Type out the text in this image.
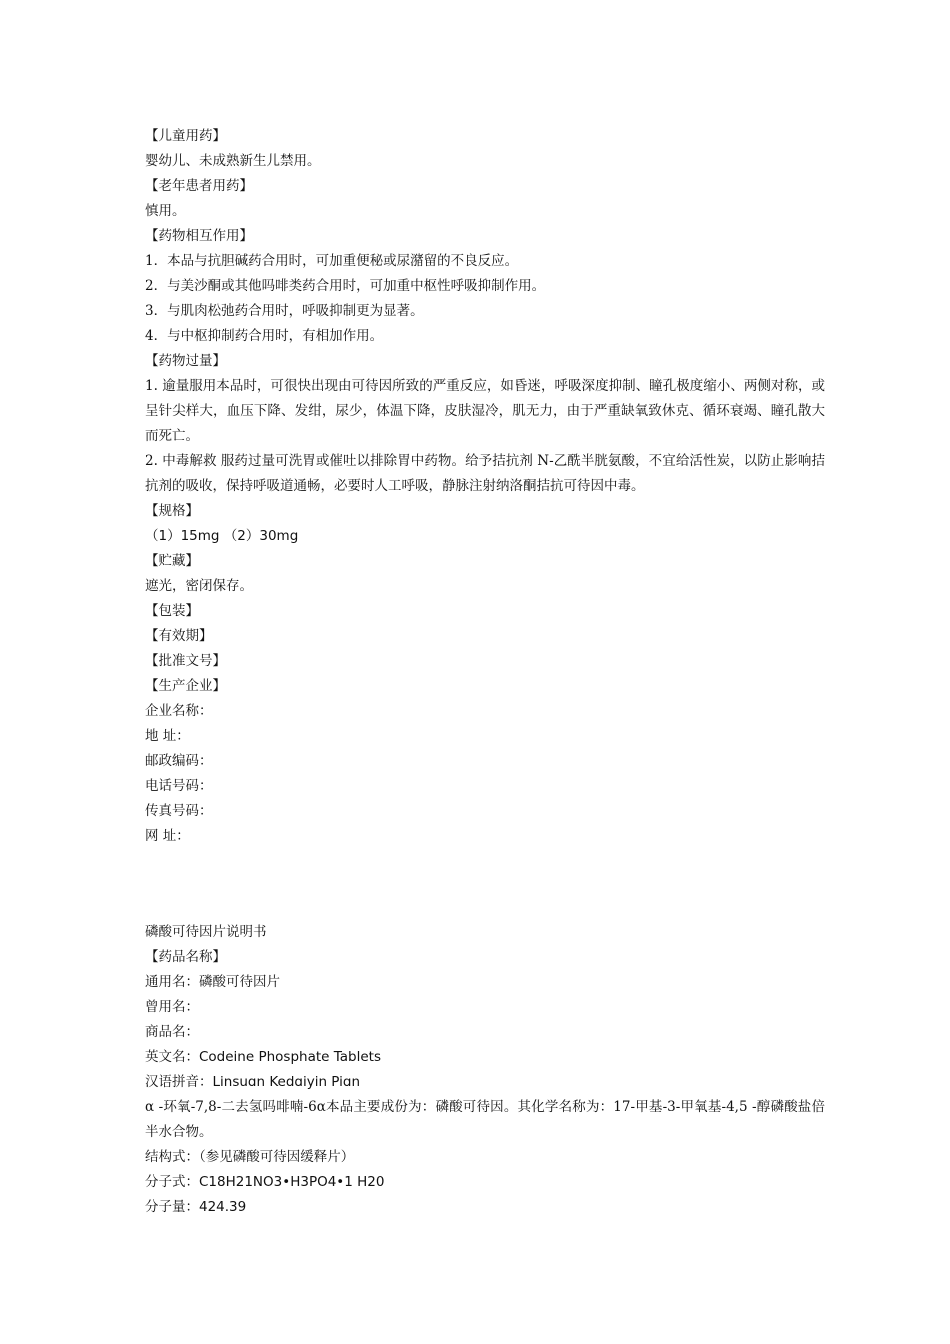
【儿童用药】
婴幼儿、未成熟新生儿禁用。
【老年患者用药】
慎用。
【药物相互作用】
1．本品与抗胆碱药合用时，可加重便秘或尿潴留的不良反应。
2．与美沙酮或其他吗啡类药合用时，可加重中枢性呼吸抑制作用。
3．与肌肉松弛药合用时，呼吸抑制更为显著。
4．与中枢抑制药合用时，有相加作用。
【药物过量】
1. 逾量服用本品时，可很快出现由可待因所致的严重反应，如昏迷，呼吸深度抑制、瞳孔极度缩小、两侧对称，或呈针尖样大，血压下降、发绀，尿少，体温下降，皮肤湿冷，肌无力，由于严重缺氧致休克、循环衰竭、瞳孔散大而死亡。
2. 中毒解救 服药过量可洗胃或催吐以排除胃中药物。给予拮抗剂 N-乙酰半胱氨酸，不宜给活性炭，以防止影响拮抗剂的吸收，保持呼吸道通畅，必要时人工呼吸，静脉注射纳洛酮拮抗可待因中毒。
【规格】
（1）15mg （2）30mg
【贮藏】
遮光，密闭保存。
【包装】
【有效期】
【批准文号】
【生产企业】
企业名称：
地 址：
邮政编码：
电话号码：
传真号码：
网 址：
磷酸可待因片说明书
【药品名称】
通用名：磷酸可待因片
曾用名：
商品名：
英文名：Codeine Phosphate Tablets
汉语拼音：Linsuɑn Kedɑiyin Piɑn
α -环氧-7,8-二去氢吗啡喃-6α本品主要成份为：磷酸可待因。其化学名称为：17-甲基-3-甲氧基-4,5 -醇磷酸盐倍半水合物。
结构式：（参见磷酸可待因缓释片）
分子式：C18H21NO3•H3PO4•1 H20
分子量：424.39
